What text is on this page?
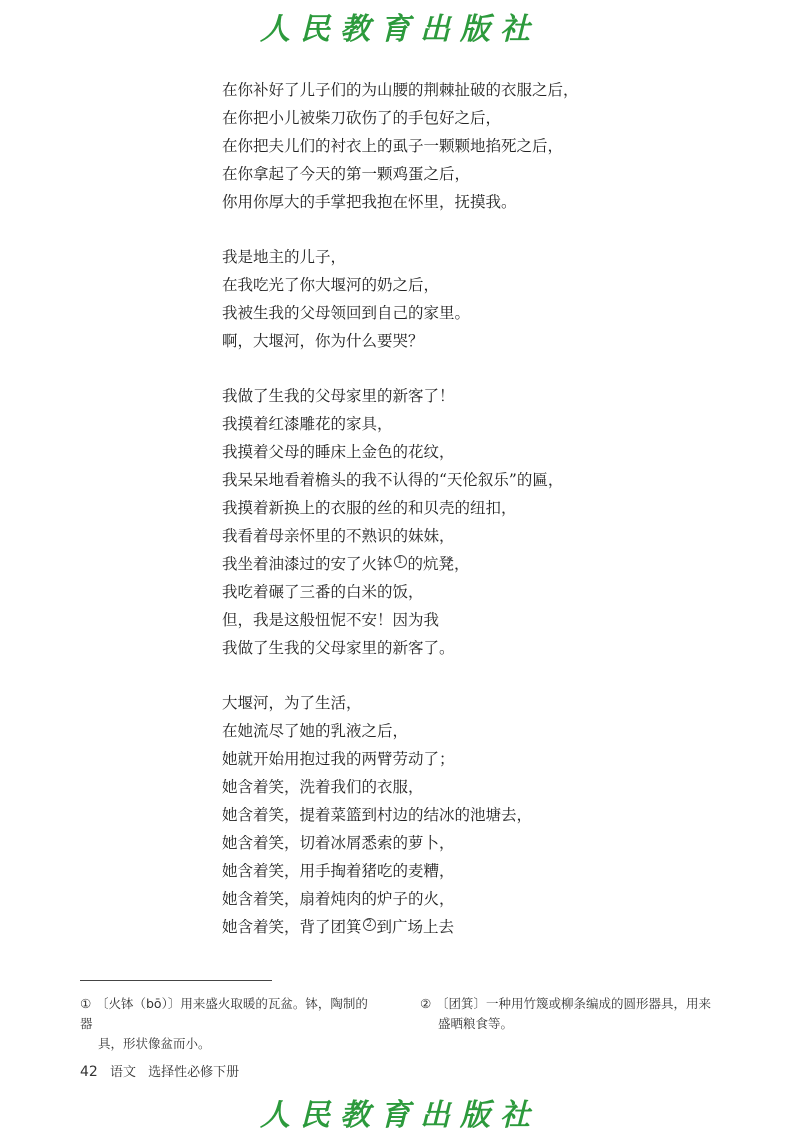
人民教育出版社
在你补好了儿子们的为山腰的荆棘扯破的衣服之后，
在你把小儿被柴刀砍伤了的手包好之后，
在你把夫儿们的衬衣上的虱子一颗颗地掐死之后，
在你拿起了今天的第一颗鸡蛋之后，
你用你厚大的手掌把我抱在怀里，抚摸我。
我是地主的儿子，
在我吃光了你大堰河的奶之后，
我被生我的父母领回到自己的家里。
啊，大堰河，你为什么要哭？
我做了生我的父母家里的新客了！
我摸着红漆雕花的家具，
我摸着父母的睡床上金色的花纹，
我呆呆地看着檐头的我不认得的“天伦叙乐”的匾，
我摸着新换上的衣服的丝的和贝壳的纽扣，
我看着母亲怀里的不熟识的妹妹，
我坐着油漆过的安了火钵 $^1$ 的炕凳，
我吃着碾了三番的白米的饭，
但，我是这般忸怩不安！因为我
我做了生我的父母家里的新客了。
大堰河，为了生活，
在她流尽了她的乳液之后，
她就开始用抱过我的两臂劳动了；
她含着笑，洗着我们的衣服，
她含着笑，提着菜篮到村边的结冰的池塘去，
她含着笑，切着冰屑悉索的萝卜，
她含着笑，用手掏着猪吃的麦糟，
她含着笑，扇着炖肉的炉子的火，
她含着笑，背了团箕 $^2$ 到广场上去
① 〔火钵（bō）〕用来盛火取暖的瓦盆。钵，陶制的器
具，形状像盆而小。
② 〔团箕〕一种用竹篾或柳条编成的圆形器具，用来
盛晒粮食等。
42 语文 选择性必修下册
人民教育出版社
